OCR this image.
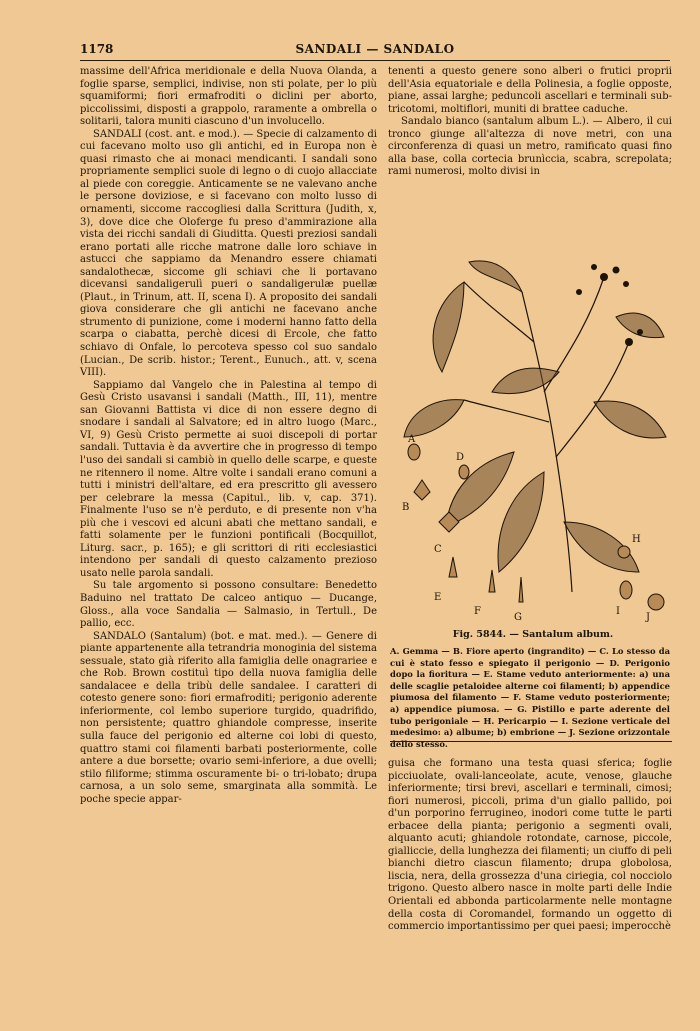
1178	SANDALI — SANDALO

massime dell'Africa meridionale e della Nuova Olanda, a foglie sparse, semplici, indivise, non sti polate, per lo più squamiformi; fiori ermafroditi o diclini per aborto, piccolissimi, disposti a grappolo, raramente a ombrella o solitarii, talora muniti ciascuno d'un involucello.

SANDALI (cost. ant. e mod.). — Specie di calzamento di cui facevano molto uso gli antichi, ed in Europa non è quasi rimasto che ai monaci mendicanti. I sandali sono propriamente semplici suole di legno o di cuojo allacciate al piede con coreggie. Anticamente se ne valevano anche le persone doviziose, e si facevano con molto lusso di ornamenti, siccome raccogliesi dalla Scrittura (Judith, x, 3), dove dice che Oloferge fu preso d'ammirazione alla vista dei ricchi sandali di Giuditta. Questi preziosi sandali erano portati alle ricche matrone dalle loro schiave in astucci che sappiamo da Menandro essere chiamati sandalothecæ, siccome gli schiavi che li portavano dicevansi sandaligerulì pueri o sandaligerulæ puellæ (Plaut., in Trinum, att. II, scena I). A proposito dei sandali giova considerare che gli antichi ne facevano anche strumento di punizione, come i moderni hanno fatto della scarpa o ciabatta, perchè dicesi di Ercole, che fatto schiavo di Onfale, lo percoteva spesso col suo sandalo (Lucian., De scrib. histor.; Terent., Eunuch., att. v, scena VIII).

Sappiamo dal Vangelo che in Palestina al tempo di Gesù Cristo usavansi i sandali (Matth., III, 11), mentre san Giovanni Battista vi dice di non essere degno di snodare i sandali al Salvatore; ed in altro luogo (Marc., VI, 9) Gesù Cristo permette ai suoi discepoli di portar sandali. Tuttavia è da avvertire che in progresso di tempo l'uso dei sandali si cambiò in quello delle scarpe, e queste ne ritennero il nome. Altre volte i sandali erano comuni a tutti i ministri dell'altare, ed era prescritto gli avessero per celebrare la messa (Capitul., lib. v, cap. 371). Finalmente l'uso se n'è perduto, e di presente non v'ha più che i vescovi ed alcuni abati che mettano sandali, e fatti solamente per le funzioni pontificali (Bocquillot, Liturg. sacr., p. 165); e gli scrittori di riti ecclesiastici intendono per sandali di questo calzamento prezioso usato nelle parola sandali.

Su tale argomento si possono consultare: Benedetto Baduino nel trattato De calceo antiquo — Ducange, Gloss., alla voce Sandalia — Salmasio, in Tertull., De pallio, ecc.

SANDALO (Santalum) (bot. e mat. med.). — Genere di piante appartenente alla tetrandria monoginia del sistema sessuale, stato già riferito alla famiglia delle onagrariee e che Rob. Brown costituì tipo della nuova famiglia delle sandalacee e della tribù delle sandalee. I caratteri di cotesto genere sono: fiori ermafroditi; perigonio aderente inferiormente, col lembo superiore turgido, quadrifido, non persistente; quattro ghiandole compresse, inserite sulla fauce del perigonio ed alterne coi lobi di questo, quattro stami coi filamenti barbati posteriormente, colle antere a due borsette; ovario semi-inferiore, a due ovelli; stilo filiforme; stimma oscuramente bi- o tri-lobato; drupa carnosa, a un solo seme, smarginata alla sommità. Le poche specie appar-

tenenti a questo genere sono alberi o frutici proprii dell'Asia equatoriale e della Polinesia, a foglie opposte, piane, assai larghe; peduncoli ascellari e terminali sub-tricotomi, moltiflori, muniti di brattee caduche.

Sandalo bianco (santalum album L.). — Albero, il cui tronco giunge all'altezza di nove metri, con una circonferenza di quasi un metro, ramificato quasi fino alla base, colla cortecia brunìccia, scabra, screpolata; rami numerosi, molto divisi in

A
B
C
D
E
F
G
H
I
J
Fig. 5844. — Santalum album.

A. Gemma — B. Fiore aperto (ingrandito) — C. Lo stesso da cui è stato fesso e spiegato il perigonio — D. Perigonio dopo la fioritura — E. Stame veduto anteriormente: a) una delle scaglie petaloidee alterne coi filamenti; b) appendice piumosa del filamento — F. Stame veduto posteriormente; a) appendice piumosa. — G. Pistillo e parte aderente del tubo perigoniale — H. Pericarpio — I. Sezione verticale del medesimo: a) albume; b) embrione — J. Sezione orizzontale dello stesso.

guisa che formano una testa quasi sferica; foglie picciuolate, ovali-lanceolate, acute, venose, glauche inferiormente; tirsi brevi, ascellari e terminali, cimosi; fiori numerosi, piccoli, prima d'un giallo pallido, poi d'un porporino ferrugineo, inodori come tutte le parti erbacee della pianta; perigonio a segmenti ovali, alquanto acuti; ghiandole rotondate, carnose, piccole, gialliccie, della lunghezza dei filamenti; un ciuffo di peli bianchi dietro ciascun filamento; drupa globolosa, liscia, nera, della grossezza d'una ciriegia, col nocciolo trigono. Questo albero nasce in molte parti delle Indie Orientali ed abbonda particolarmente nelle montagne della costa di Coromandel, formando un oggetto di commercio importantissimo per quei paesi; imperocchè
